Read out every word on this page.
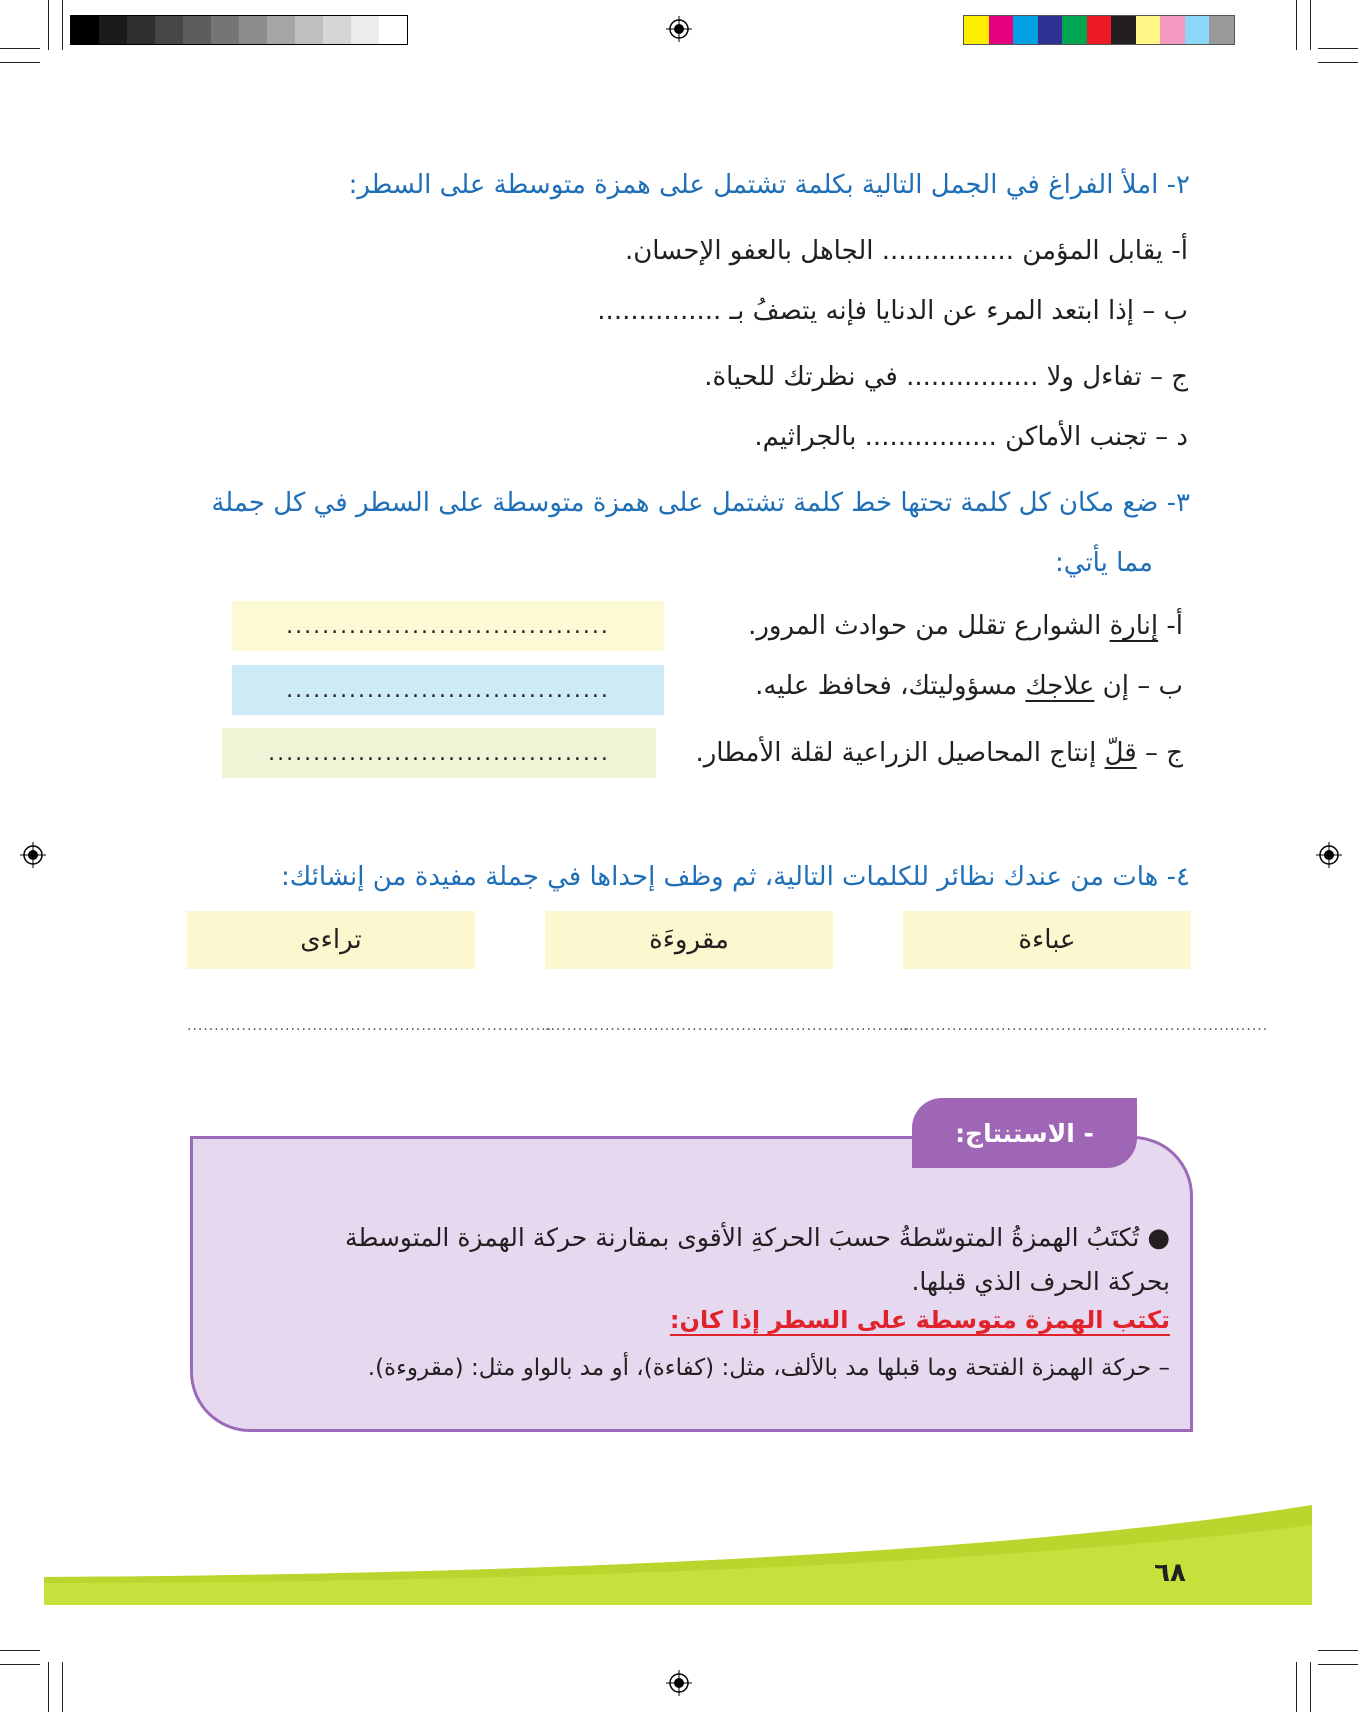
٢- املأ الفراغ في الجمل التالية بكلمة تشتمل على همزة متوسطة على السطر:
أ- يقابل المؤمن ................ الجاهل بالعفو الإحسان.
ب – إذا ابتعد المرء عن الدنايا فإنه يتصفُ بـ ...............
ج – تفاءل ولا ................ في نظرتك للحياة.
د – تجنب الأماكن ................ بالجراثيم.
٣- ضع مكان كل كلمة تحتها خط كلمة تشتمل على همزة متوسطة على السطر في كل جملة
مما يأتي:
أ- إنارة الشوارع تقلل من حوادث المرور.
....................................
ب – إن علاجك مسؤوليتك، فحافظ عليه.
....................................
ج – قلّ إنتاج المحاصيل الزراعية لقلة الأمطار.
......................................
٤- هات من عندك نظائر للكلمات التالية، ثم وظف إحداها في جملة مفيدة من إنشائك:
عباءة
مقروءَة
تراءى
...................................................................
...................................................................
...................................................................
- الاستنتاج:
● تُكتَبُ الهمزةُ المتوسّطةُ حسبَ الحركةِ الأقوى بمقارنة حركة الهمزة المتوسطة
بحركة الحرف الذي قبلها.
تكتب الهمزة متوسطة على السطر إذا كان:
– حركة الهمزة الفتحة وما قبلها مد بالألف، مثل: (كفاءة)، أو مد بالواو مثل: (مقروءة).
٦٨
